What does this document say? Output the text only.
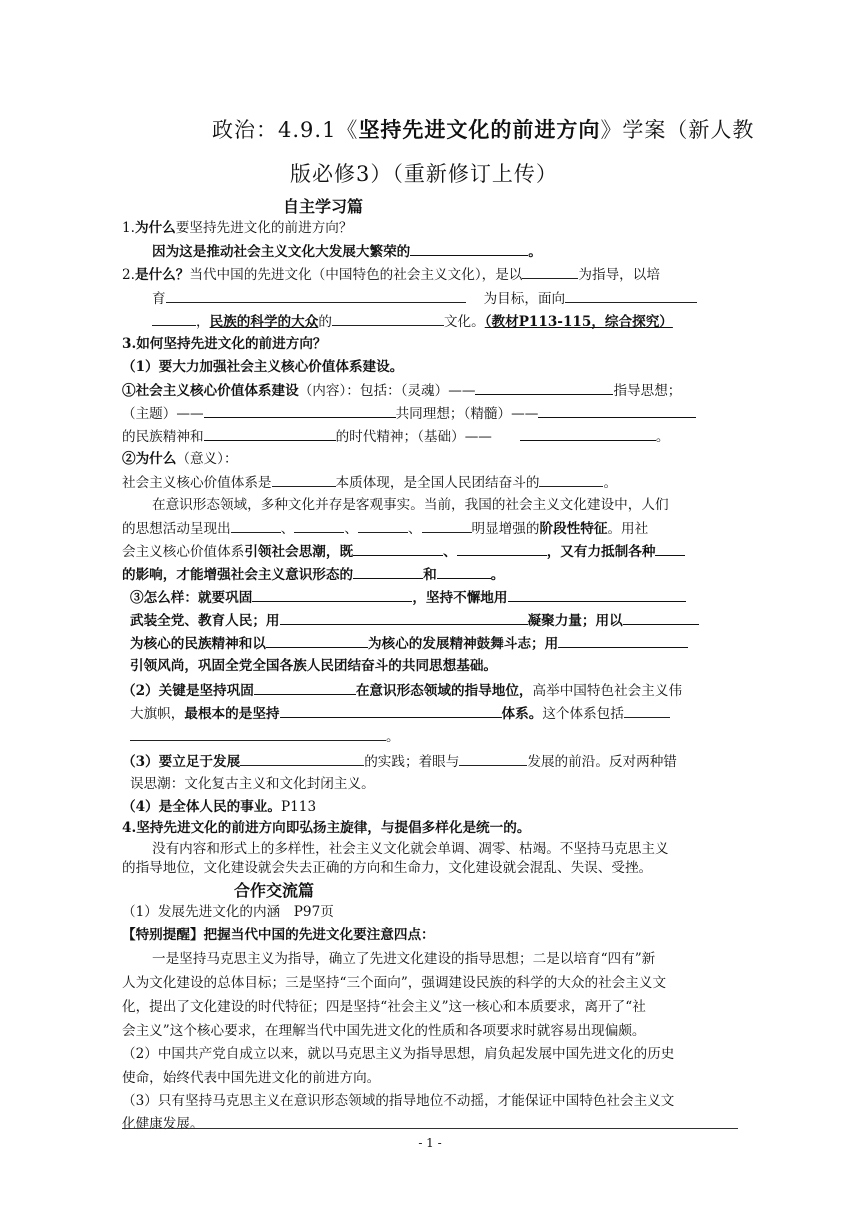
政治：4.9.1《坚持先进文化的前进方向》学案（新人教
版必修3）（重新修订上传）
自主学习篇
1.为什么要坚持先进文化的前进方向？
因为这是推动社会主义文化大发展大繁荣的	。
2.是什么？当代中国的先进文化（中国特色的社会主义文化），是以	为指导，以培
育	为目标，面向
，民族的科学的大众的	文化。（教材P113-115，综合探究）
3.如何坚持先进文化的前进方向？
（1）要大力加强社会主义核心价值体系建设。
①社会主义核心价值体系建设（内容）：包括：（灵魂）——	指导思想；
（主题）——	共同理想；（精髓）——
的民族精神和	的时代精神；（基础）——	。
②为什么（意义）：
社会主义核心价值体系是	本质体现，是全国人民团结奋斗的	。
在意识形态领域，多种文化并存是客观事实。当前，我国的社会主义文化建设中，人们
的思想活动呈现出	、	、	、	明显增强的阶段性特征。用社
会主义核心价值体系引领社会思潮，既	、	，又有力抵制各种
的影响，才能增强社会主义意识形态的	和	。
③怎么样：就要巩固	，坚持不懈地用
武装全党、教育人民；用	凝聚力量；用以
为核心的民族精神和以	为核心的发展精神鼓舞斗志；用
引领风尚，巩固全党全国各族人民团结奋斗的共同思想基础。
（2）关键是坚持巩固	在意识形态领域的指导地位，高举中国特色社会主义伟
大旗帜，最根本的是坚持	体系。这个体系包括
。
（3）要立足于发展	的实践；着眼与	发展的前沿。反对两种错
误思潮：文化复古主义和文化封闭主义。
（4）是全体人民的事业。P113
4.坚持先进文化的前进方向即弘扬主旋律，与提倡多样化是统一的。
没有内容和形式上的多样性，社会主义文化就会单调、凋零、枯竭。不坚持马克思主义
的指导地位，文化建设就会失去正确的方向和生命力，文化建设就会混乱、失误、受挫。
合作交流篇
（1）发展先进文化的内涵　P97页
【特别提醒】把握当代中国的先进文化要注意四点：
一是坚持马克思主义为指导，确立了先进文化建设的指导思想；二是以培育“四有”新
人为文化建设的总体目标；三是坚持“三个面向”，强调建设民族的科学的大众的社会主义文
化，提出了文化建设的时代特征；四是坚持“社会主义”这一核心和本质要求，离开了“社
会主义”这个核心要求，在理解当代中国先进文化的性质和各项要求时就容易出现偏颇。
（2）中国共产党自成立以来，就以马克思主义为指导思想，肩负起发展中国先进文化的历史
使命，始终代表中国先进文化的前进方向。
（3）只有坚持马克思主义在意识形态领域的指导地位不动摇，才能保证中国特色社会主义文
化健康发展。
- 1 -
